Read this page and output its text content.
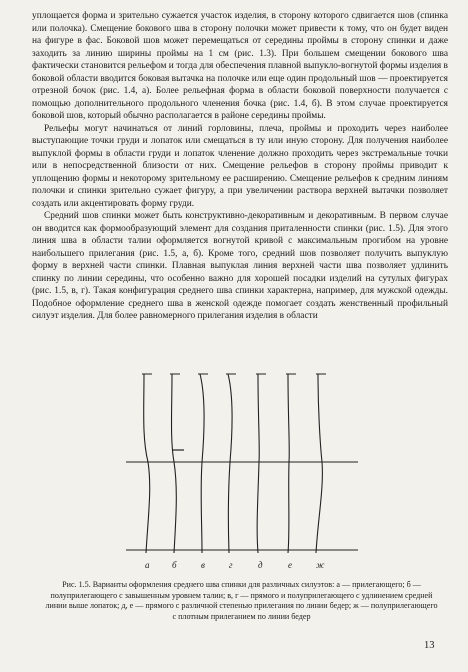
уплощается форма и зрительно сужается участок изделия, в сторону которого сдвигается шов (спинка или полочка). Смещение бокового шва в сторону полочки может привести к тому, что он будет виден на фигуре в фас. Боковой шов может перемещаться от середины проймы в сторону спинки и даже заходить за линию ширины проймы на 1 см (рис. 1.3). При большем смещении бокового шва фактически становится рельефом и тогда для обеспечения плавной выпукло-вогнутой формы изделия в боковой области вводится боковая вытачка на полочке или еще один продольный шов — проектируется отрезной бочок (рис. 1.4, а). Более рельефная форма в области боковой поверхности получается с помощью дополнительного продольного членения бочка (рис. 1.4, б). В этом случае проектируется боковой шов, который обычно располагается в районе середины проймы.

Рельефы могут начинаться от линий горловины, плеча, проймы и проходить через наиболее выступающие точки груди и лопаток или смещаться в ту или иную сторону. Для получения наиболее выпуклой формы в области груди и лопаток членение должно проходить через экстремальные точки или в непосредственной близости от них. Смещение рельефов в сторону проймы приводит к уплощению формы и некоторому зрительному ее расширению. Смещение рельефов к средним линиям полочки и спинки зрительно сужает фигуру, а при увеличении раствора верхней вытачки позволяет создать или акцентировать форму груди.

Средний шов спинки может быть конструктивно-декоративным и декоративным. В первом случае он вводится как формообразующий элемент для создания приталенности спинки (рис. 1.5). Для этого линия шва в области талии оформляется вогнутой кривой с максимальным прогибом на уровне наибольшего прилегания (рис. 1.5, а, б). Кроме того, средний шов позволяет получить выпуклую форму в верхней части спинки. Плавная выпуклая линия верхней части шва позволяет удлинить спинку по линии середины, что особенно важно для хорошей посадки изделий на сутулых фигурах (рис. 1.5, в, г). Такая конфигурация среднего шва спинки характерна, например, для мужской одежды. Подобное оформление среднего шва в женской одежде помогает создать женственный профильный силуэт изделия. Для более равномерного прилегания изделия в области

а	б	в	г	д	е	ж
Рис. 1.5. Варианты оформления среднего шва спинки для различных силуэтов: а — прилегающего; б — полуприлегающего с завышенным уровнем талии; в, г — прямого и полуприлегающего с удлинением средней линии выше лопаток; д, е — прямого с различной степенью прилегания по линии бедер; ж — полуприлегающего с плотным прилеганием по линии бедер
13
